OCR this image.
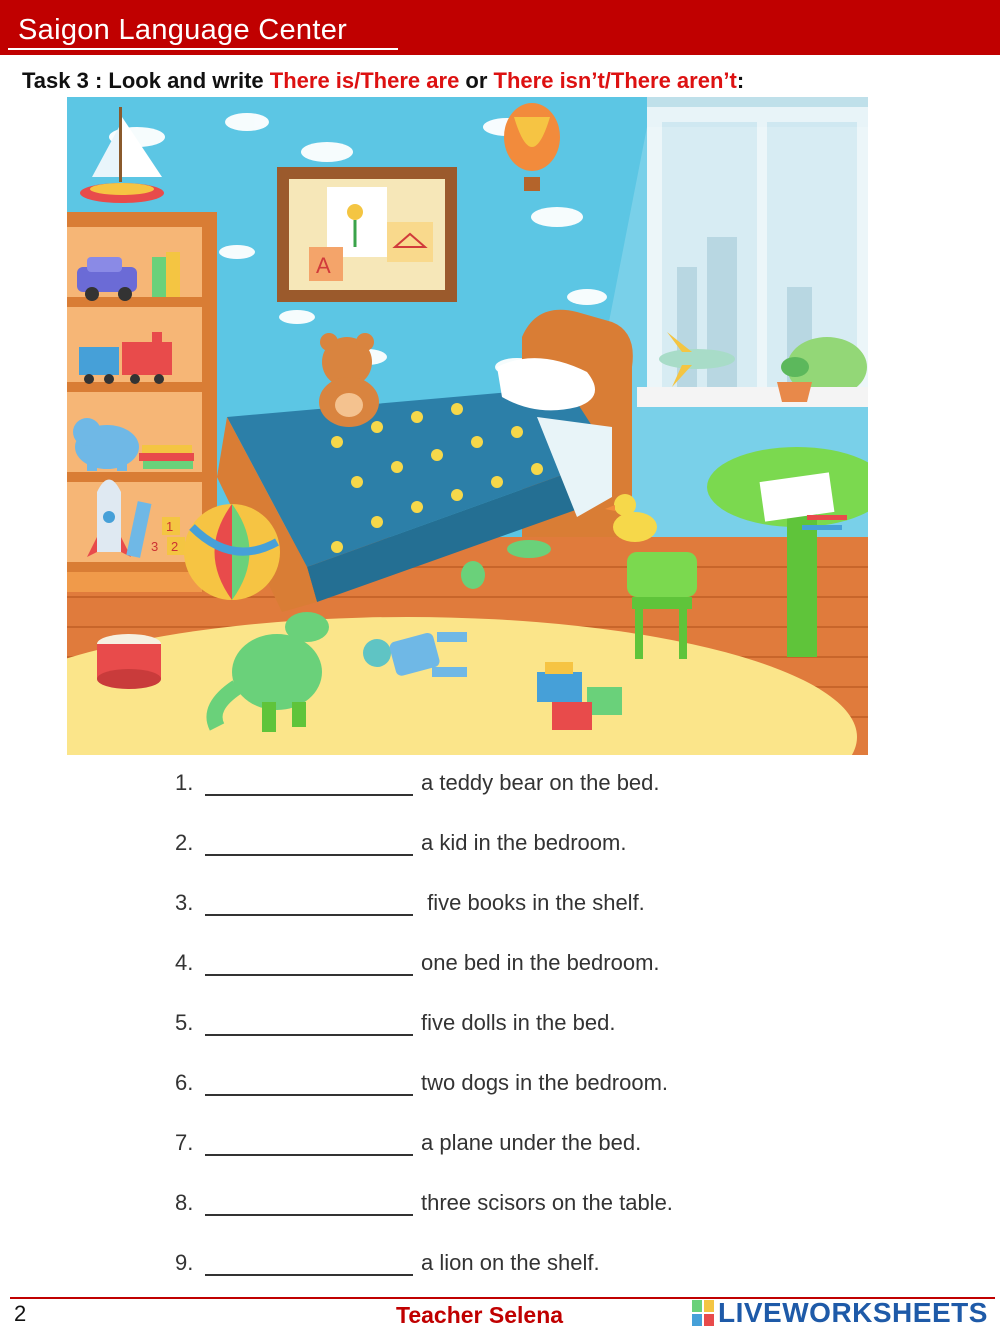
Saigon Language Center
Task 3 : Look and write There is/There are or There isn’t/There aren’t:
A
1
3 2
1.	a teddy bear on the bed.
2.	a kid in the bedroom.
3.	five books in the shelf.
4.	one bed in the bedroom.
5.	five dolls in the bed.
6.	two dogs in the bedroom.
7.	a plane under the bed.
8.	three scisors on the table.
9.	a lion on the shelf.
2	Teacher Selena	LIVEWORKSHEETS
